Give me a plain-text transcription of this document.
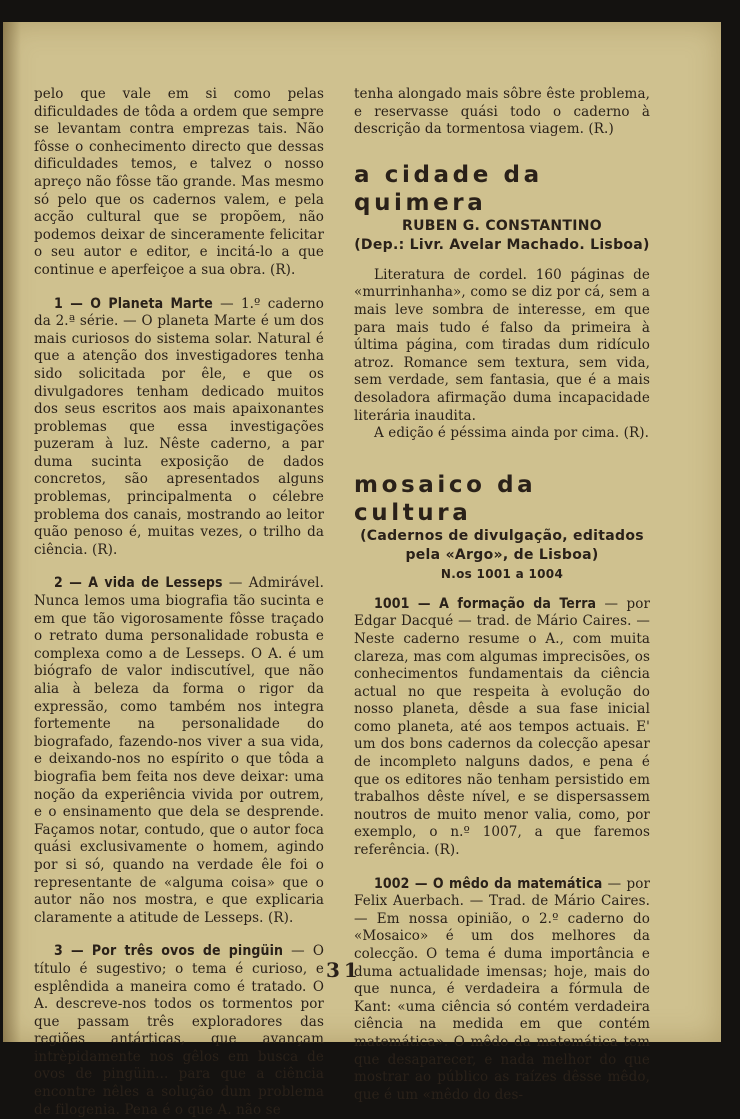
pelo que vale em si como pelas dificuldades de tôda a ordem que sempre se levantam contra emprezas tais. Não fôsse o conhecimento directo que dessas dificuldades temos, e talvez o nosso apreço não fôsse tão grande. Mas mesmo só pelo que os cadernos valem, e pela acção cultural que se propõem, não podemos deixar de sinceramente felicitar o seu autor e editor, e incitá-lo a que continue e aperfeiçoe a sua obra. (R).

1 — O Planeta Marte — 1.º caderno da 2.ª série. — O planeta Marte é um dos mais curiosos do sistema solar. Natural é que a atenção dos investigadores tenha sido solicitada por êle, e que os divulgadores tenham dedicado muitos dos seus escritos aos mais apaixonantes problemas que essa investigações puzeram à luz. Nêste caderno, a par duma sucinta exposição de dados concretos, são apresentados alguns problemas, principalmenta o célebre problema dos canais, mostrando ao leitor quão penoso é, muitas vezes, o trilho da ciência. (R).

2 — A vida de Lesseps — Admirável. Nunca lemos uma biografia tão sucinta e em que tão vigorosamente fôsse traçado o retrato duma personalidade robusta e complexa como a de Lesseps. O A. é um biógrafo de valor indiscutível, que não alia à beleza da forma o rigor da expressão, como também nos integra fortemente na personalidade do biografado, fazendo-nos viver a sua vida, e deixando-nos no espírito o que tôda a biografia bem feita nos deve deixar: uma noção da experiência vivida por outrem, e o ensinamento que dela se desprende. Façamos notar, contudo, que o autor foca quási exclusivamente o homem, agindo por si só, quando na verdade êle foi o representante de «alguma coisa» que o autor não nos mostra, e que explicaria claramente a atitude de Lesseps. (R).

3 — Por três ovos de pingüin — O título é sugestivo; o tema é curioso, e esplêndida a maneira como é tratado. O A. descreve-nos todos os tormentos por que passam três exploradores das regiões antárticas, que avançam intrèpidamente nos gêlos em busca de ovos de pingüin... para que a ciência encontre nêles a solução dum problema de filogenia. Pena é o que A. não se

tenha alongado mais sôbre êste problema, e reservasse quási todo o caderno à descrição da tormentosa viagem. (R.)

a cidade da quimera

RUBEN G. CONSTANTINO

(Dep.: Livr. Avelar Machado. Lisboa)

Literatura de cordel. 160 páginas de «murrinhanha», como se diz por cá, sem a mais leve sombra de interesse, em que para mais tudo é falso da primeira à última página, com tiradas dum ridículo atroz. Romance sem textura, sem vida, sem verdade, sem fantasia, que é a mais desoladora afirmação duma incapacidade literária inaudita.

A edição é péssima ainda por cima. (R).

mosaico da cultura

(Cadernos de divulgação, editados

pela «Argo», de Lisboa)

N.os 1001 a 1004

1001 — A formação da Terra — por Edgar Dacqué — trad. de Mário Caires. — Neste caderno resume o A., com muita clareza, mas com algumas imprecisões, os conhecimentos fundamentais da ciência actual no que respeita à evolução do nosso planeta, dêsde a sua fase inicial como planeta, até aos tempos actuais. E' um dos bons cadernos da colecção apesar de incompleto nalguns dados, e pena é que os editores não tenham persistido em trabalhos dêste nível, e se dispersassem noutros de muito menor valia, como, por exemplo, o n.º 1007, a que faremos referência. (R).

1002 — O mêdo da matemática — por Felix Auerbach. — Trad. de Mário Caires. — Em nossa opinião, o 2.º caderno do «Mosaico» é um dos melhores da colecção. O tema é duma importância e duma actualidade imensas; hoje, mais do que nunca, é verdadeira a fórmula de Kant: «uma ciência só contém verdadeira ciência na medida em que contém matemática». O mêdo da matemática tem que desaparecer, e nada melhor do que mostrar ao público as raízes dêsse mêdo, que é um «mêdo do des-

31
